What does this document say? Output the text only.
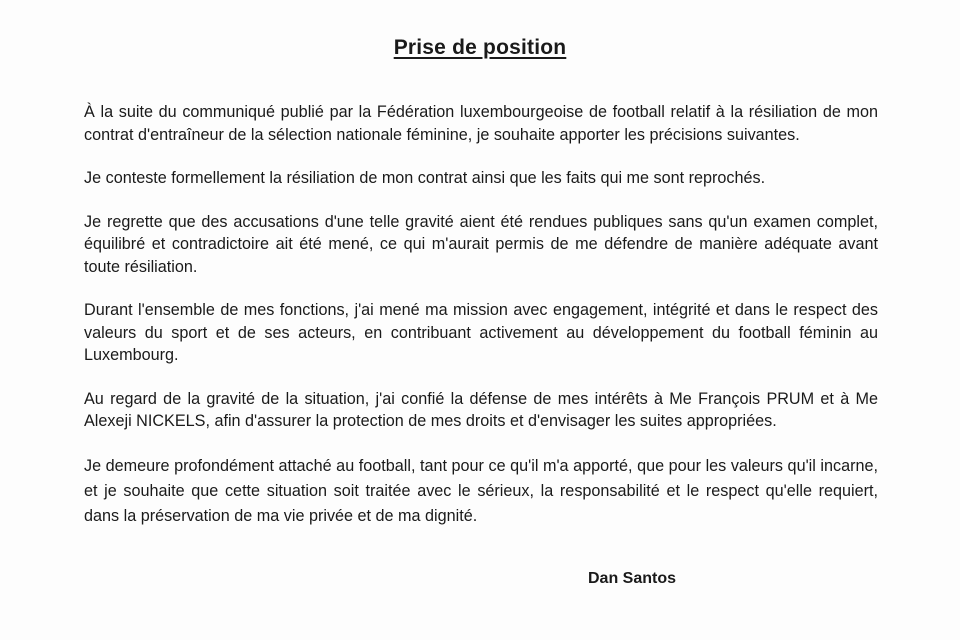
Prise de position

À la suite du communiqué publié par la Fédération luxembourgeoise de football relatif à la résiliation de mon contrat d'entraîneur de la sélection nationale féminine, je souhaite apporter les précisions suivantes.

Je conteste formellement la résiliation de mon contrat ainsi que les faits qui me sont reprochés.

Je regrette que des accusations d'une telle gravité aient été rendues publiques sans qu'un examen complet, équilibré et contradictoire ait été mené, ce qui m'aurait permis de me défendre de manière adéquate avant toute résiliation.

Durant l'ensemble de mes fonctions, j'ai mené ma mission avec engagement, intégrité et dans le respect des valeurs du sport et de ses acteurs, en contribuant activement au développement du football féminin au Luxembourg.

Au regard de la gravité de la situation, j'ai confié la défense de mes intérêts à Me François PRUM et à Me Alexeji NICKELS, afin d'assurer la protection de mes droits et d'envisager les suites appropriées.

Je demeure profondément attaché au football, tant pour ce qu'il m'a apporté, que pour les valeurs qu'il incarne, et je souhaite que cette situation soit traitée avec le sérieux, la responsabilité et le respect qu'elle requiert, dans la préservation de ma vie privée et de ma dignité.

Dan Santos
